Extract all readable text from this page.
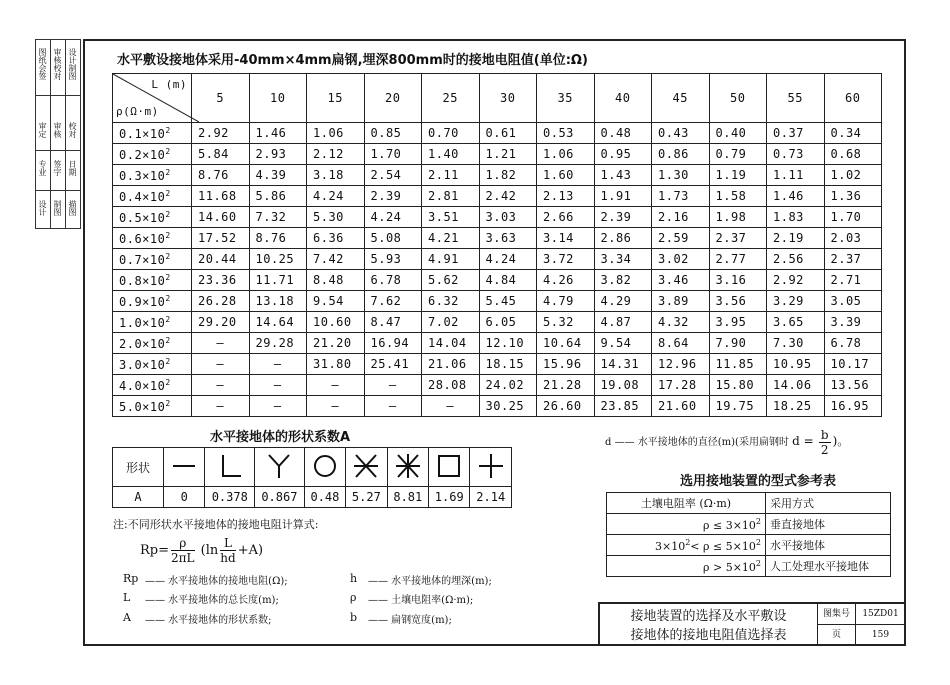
图纸会签 审核校对 设计制图
审定 审核 校对
专业 签字 日期
设计 制图 描图
水平敷设接地体采用-40mm×4mm扁钢,埋深800mm时的接地电阻值(单位:Ω)
L (m)
ρ(Ω·m)	5	10	15	20	25	30	35	40	45	50	55	60
$0.1\times 10^2$	2.92	1.46	1.06	0.85	0.70	0.61	0.53	0.48	0.43	0.40	0.37	0.34
$0.2\times 10^2$	5.84	2.93	2.12	1.70	1.40	1.21	1.06	0.95	0.86	0.79	0.73	0.68
$0.3\times 10^2$	8.76	4.39	3.18	2.54	2.11	1.82	1.60	1.43	1.30	1.19	1.11	1.02
$0.4\times 10^2$	11.68	5.86	4.24	2.39	2.81	2.42	2.13	1.91	1.73	1.58	1.46	1.36
$0.5\times 10^2$	14.60	7.32	5.30	4.24	3.51	3.03	2.66	2.39	2.16	1.98	1.83	1.70
$0.6\times 10^2$	17.52	8.76	6.36	5.08	4.21	3.63	3.14	2.86	2.59	2.37	2.19	2.03
$0.7\times 10^2$	20.44	10.25	7.42	5.93	4.91	4.24	3.72	3.34	3.02	2.77	2.56	2.37
$0.8\times 10^2$	23.36	11.71	8.48	6.78	5.62	4.84	4.26	3.82	3.46	3.16	2.92	2.71
$0.9\times 10^2$	26.28	13.18	9.54	7.62	6.32	5.45	4.79	4.29	3.89	3.56	3.29	3.05
$1.0\times 10^2$	29.20	14.64	10.60	8.47	7.02	6.05	5.32	4.87	4.32	3.95	3.65	3.39
$2.0\times 10^2$	—	29.28	21.20	16.94	14.04	12.10	10.64	9.54	8.64	7.90	7.30	6.78
$3.0\times 10^2$	—	—	31.80	25.41	21.06	18.15	15.96	14.31	12.96	11.85	10.95	10.17
$4.0\times 10^2$	—	—	—	—	28.08	24.02	21.28	19.08	17.28	15.80	14.06	13.56
$5.0\times 10^2$	—	—	—	—	—	30.25	26.60	23.85	21.60	19.75	18.25	16.95
水平接地体的形状系数A
形状								
A	0	0.378	0.867	0.48	5.27	8.81	1.69	2.14
d —— 水平接地体的直径(m)(采用扁钢时 $d = \frac{b}{2}$ )。
选用接地装置的型式参考表
土壤电阻率 (Ω·m)	采用方式
$\rho \le 3\times 10^2$	垂直接地体
$3\times 10^2< \rho \le 5\times 10^2$	水平接地体
$\rho > 5\times 10^2$	人工处理水平接地体
注:不同形状水平接地体的接地电阻计算式:
$Rp= \frac{\rho}{2\pi L} (\ln \frac{L}{hd} +A)$
Rp —— 水平接地体的接地电阻(Ω);	h —— 水平接地体的埋深(m);
L —— 水平接地体的总长度(m);	ρ —— 土壤电阻率(Ω·m);
A —— 水平接地体的形状系数;	b —— 扁钢宽度(m);	接地装置的选择及水平敷设
接地体的接地电阻值选择表
图集号	15ZD01
页	159
